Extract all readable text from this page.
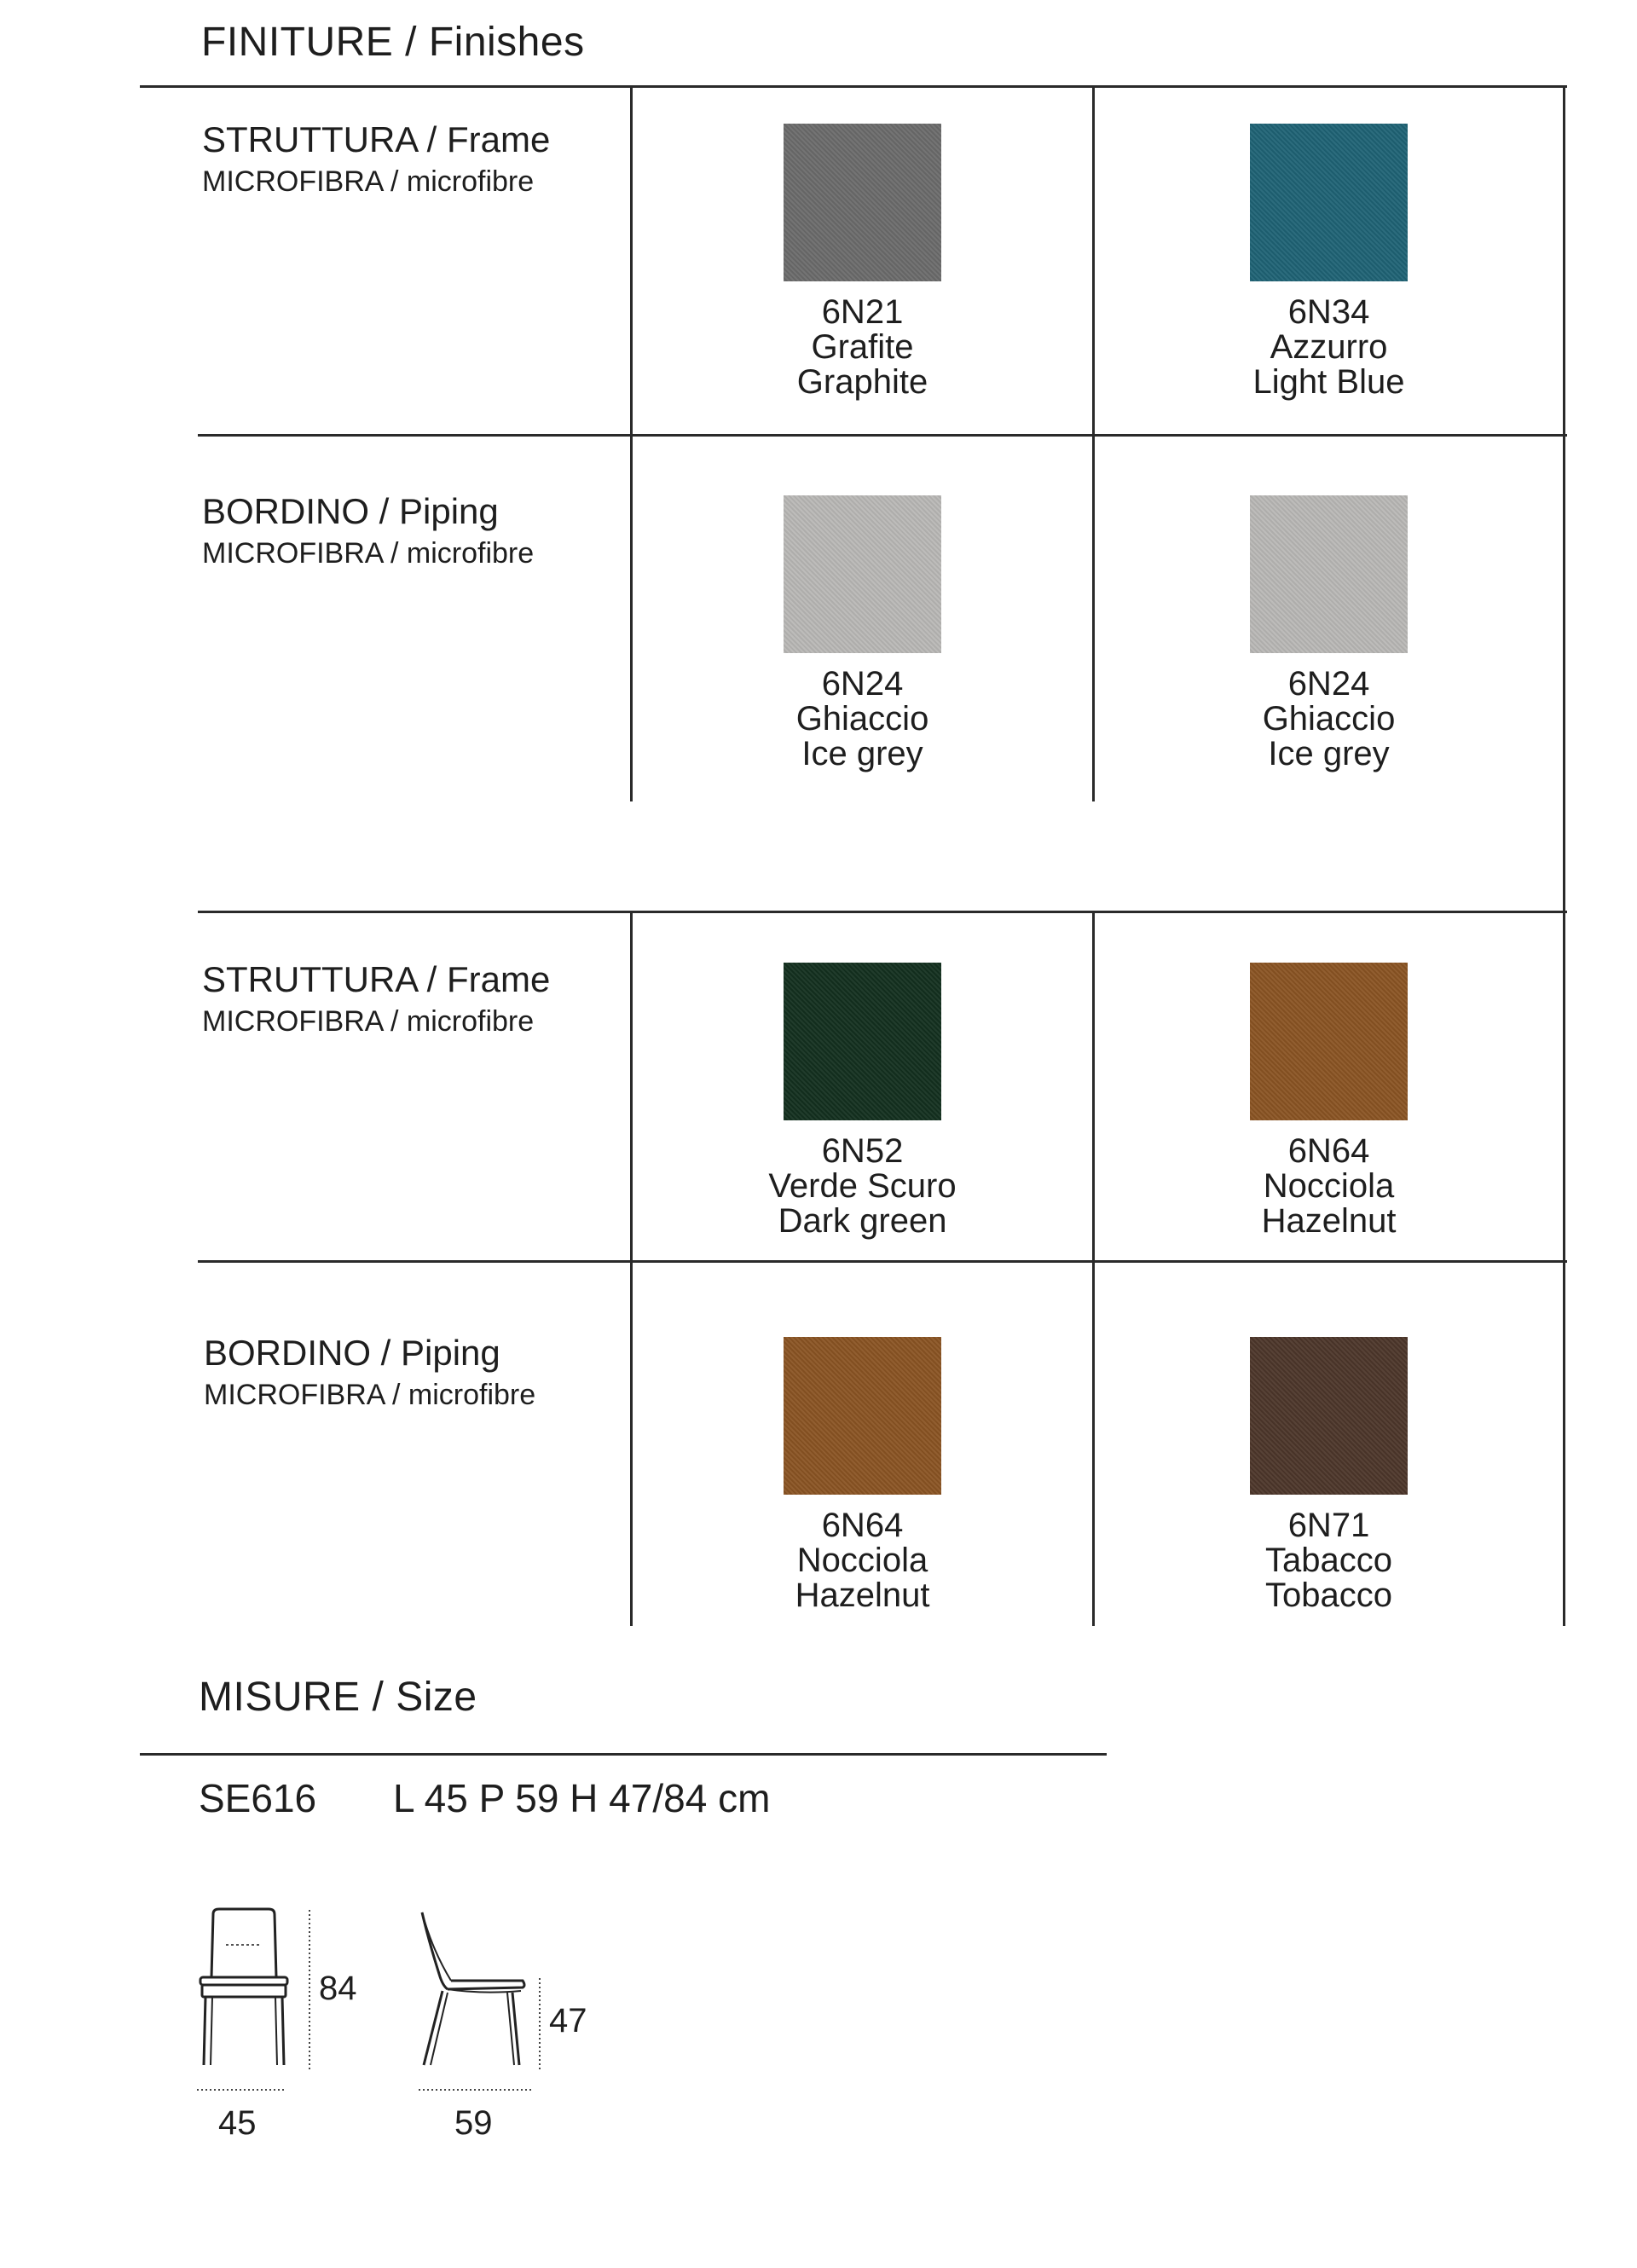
FINITURE / Finishes
STRUTTURA / Frame
MICROFIBRA / microfibre
6N21
Grafite
Graphite
6N34
Azzurro
Light Blue
BORDINO / Piping
MICROFIBRA / microfibre
6N24
Ghiaccio
Ice grey
6N24
Ghiaccio
Ice grey
STRUTTURA / Frame
MICROFIBRA / microfibre
6N52
Verde Scuro
Dark green
6N64
Nocciola
Hazelnut
BORDINO / Piping
MICROFIBRA / microfibre
6N64
Nocciola
Hazelnut
6N71
Tabacco
Tobacco
MISURE / Size
SE616 L 45 P 59 H 47/84 cm
84
45
47
59
